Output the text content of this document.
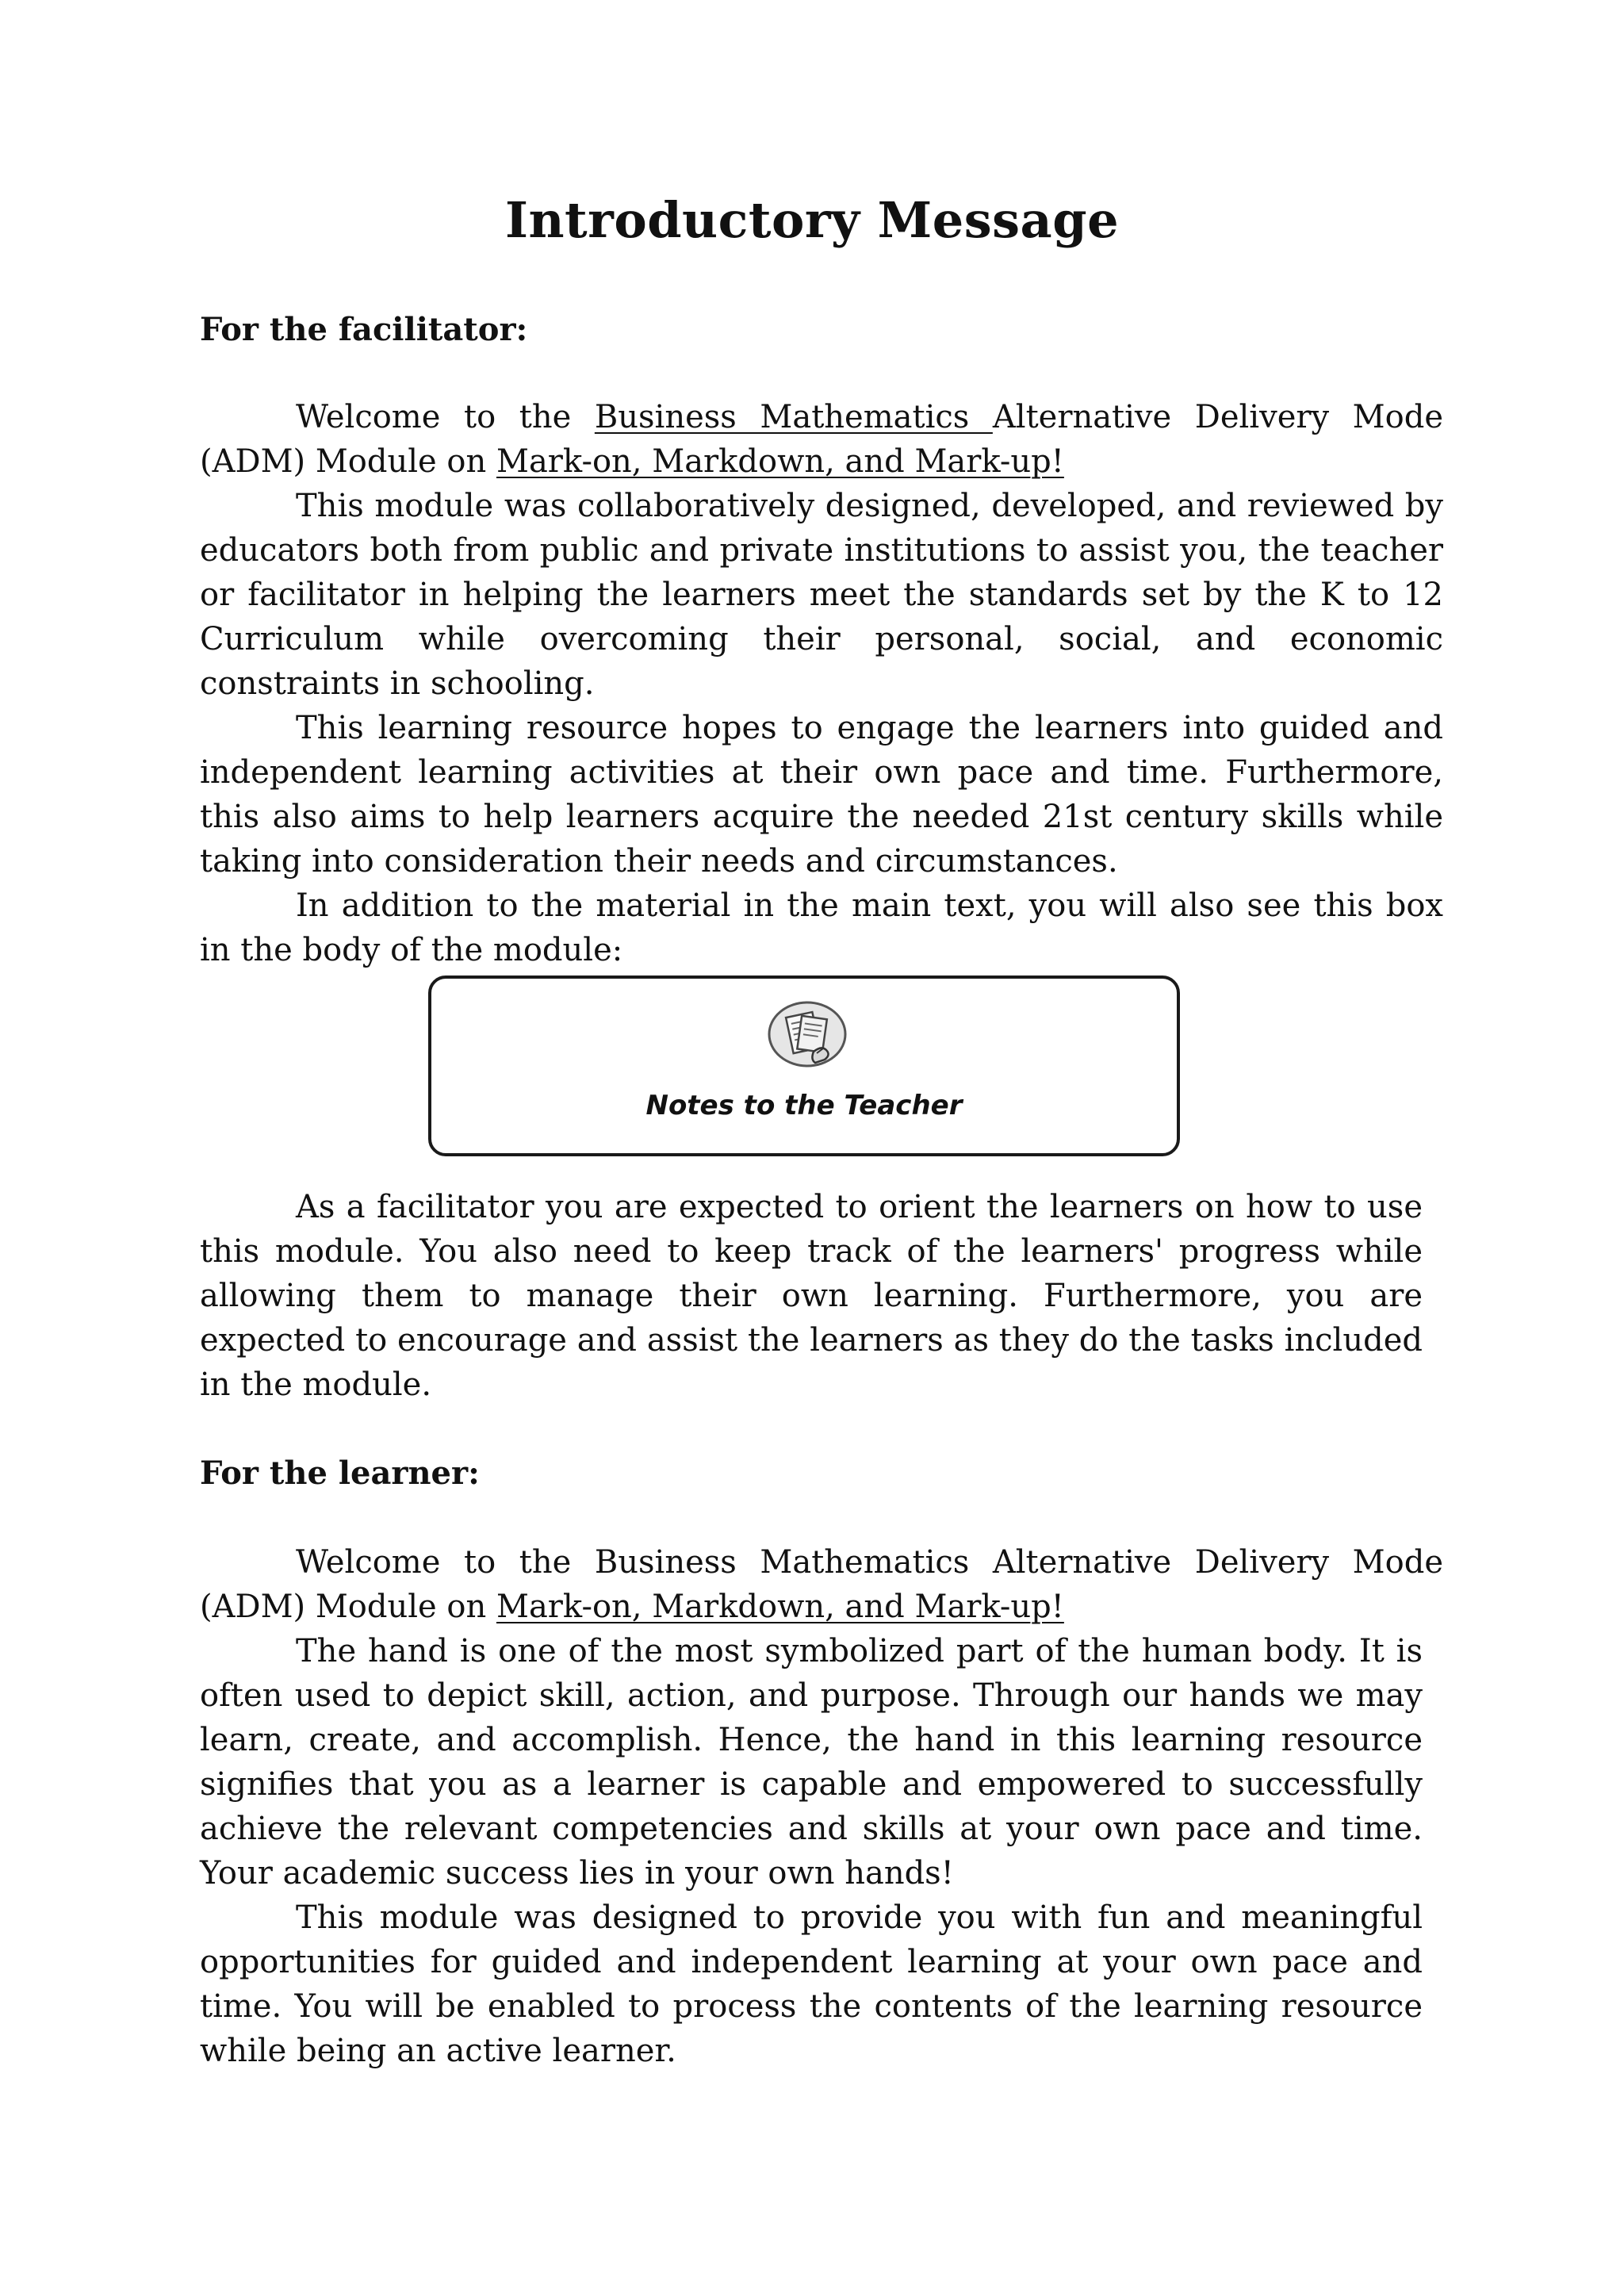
Introductory Message
For the facilitator:

Welcome to the Business Mathematics Alternative Delivery Mode (ADM) Module on Mark-on, Markdown, and Mark-up!

This module was collaboratively designed, developed, and reviewed by educators both from public and private institutions to assist you, the teacher or facilitator in helping the learners meet the standards set by the K to 12 Curriculum while overcoming their personal, social, and economic constraints in schooling.

This learning resource hopes to engage the learners into guided and independent learning activities at their own pace and time. Furthermore, this also aims to help learners acquire the needed 21st century skills while taking into consideration their needs and circumstances.

In addition to the material in the main text, you will also see this box in the body of the module:

Notes to the Teacher

As a facilitator you are expected to orient the learners on how to use this module. You also need to keep track of the learners' progress while allowing them to manage their own learning. Furthermore, you are expected to encourage and assist the learners as they do the tasks included in the module.

For the learner:

Welcome to the Business Mathematics Alternative Delivery Mode (ADM) Module on Mark-on, Markdown, and Mark-up!

The hand is one of the most symbolized part of the human body. It is often used to depict skill, action, and purpose. Through our hands we may learn, create, and accomplish. Hence, the hand in this learning resource signifies that you as a learner is capable and empowered to successfully achieve the relevant competencies and skills at your own pace and time. Your academic success lies in your own hands!

This module was designed to provide you with fun and meaningful opportunities for guided and independent learning at your own pace and time. You will be enabled to process the contents of the learning resource while being an active learner.
